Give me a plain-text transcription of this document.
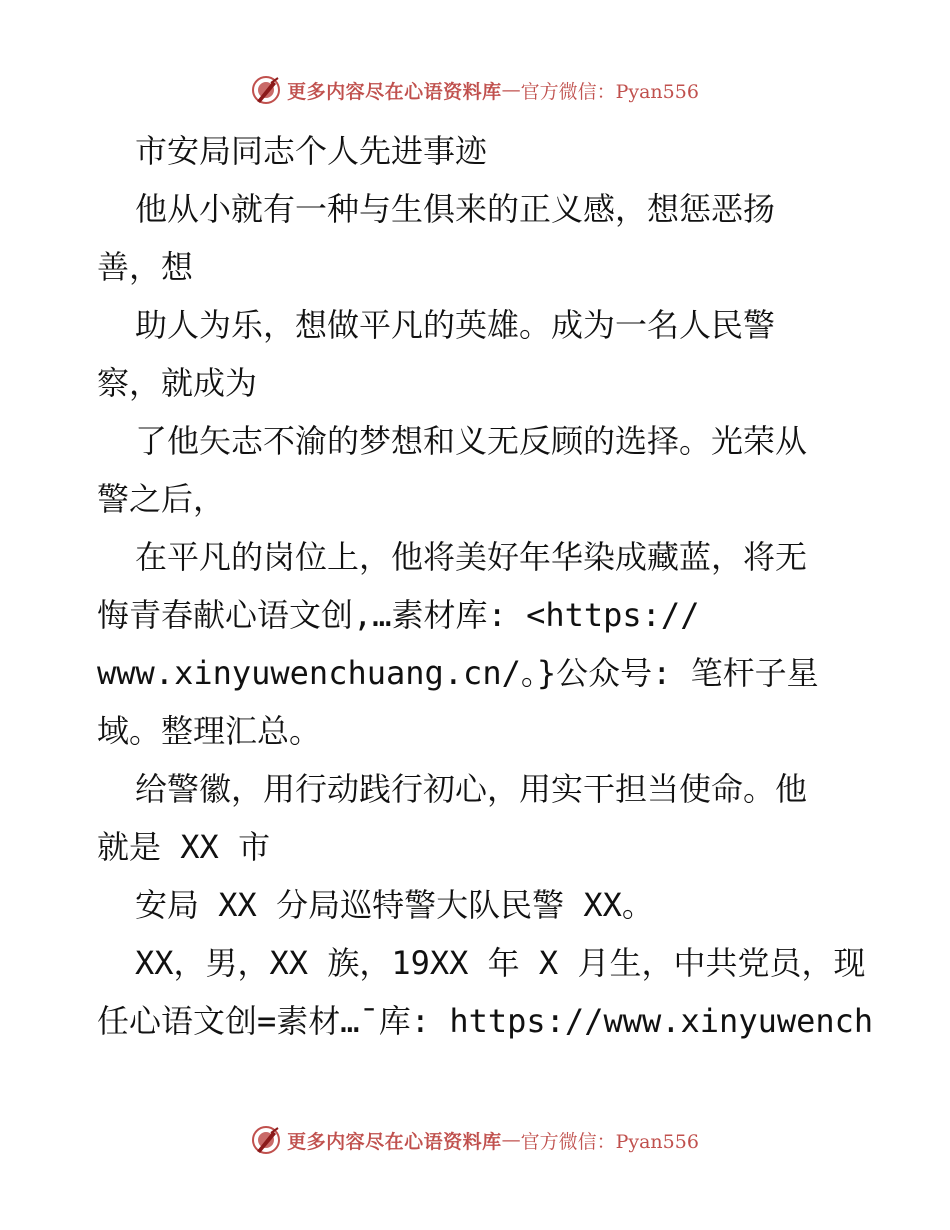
更多内容尽在心语资料库 — 官方微信：Pyan556
市安局同志个人先进事迹
他从小就有一种与生俱来的正义感，想惩恶扬
善，想
助人为乐，想做平凡的英雄。成为一名人民警
察，就成为
了他矢志不渝的梦想和义无反顾的选择。光荣从
警之后，
在平凡的岗位上，他将美好年华染成藏蓝，将无
悔青春献心语文创,…素材库: <https://
www.xinyuwenchuang.cn/。}公众号: 笔杆子星
域。整理汇总。
给警徽，用行动践行初心，用实干担当使命。他
就是 XX 市
安局 XX 分局巡特警大队民警 XX。
XX，男，XX 族，19XX 年 X 月生，中共党员，现
任心语文创=素材…¯库: https://www.xinyuwench
更多内容尽在心语资料库 — 官方微信：Pyan556
